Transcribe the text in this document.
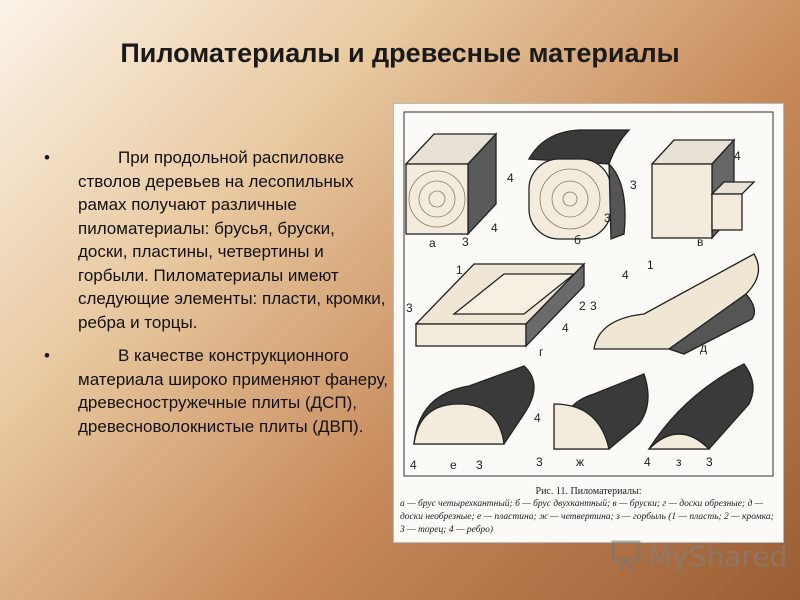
Пиломатериалы и древесные материалы
•	При продольной распиловке стволов деревьев на лесопильных рамах получают различные пиломатериалы: брусья, бруски, доски, пластины, четвертины и горбыли. Пиломатериалы имеют следующие элементы: пласти, кромки, ребра и торцы.
•	В качестве конструкционного материала широко применяют фанеру, древесностружечные плиты (ДСП), древесноволокнистые плиты (ДВП).
а 3
4
4
б
3
4
3
в
1
3	2
4
г
1
4
3
д
4	е 3
4
3	ж	4 з 3
Рис. 11. Пиломатериалы:
а — брус четырехкантный; б — брус двухкантный; в — бруски; г — доски обрезные; д — доски необрезные; е — пластина; ж — четвертина; з — горбыль (1 — пласть; 2 — кромка; 3 — торец; 4 — ребро)
MyShared
